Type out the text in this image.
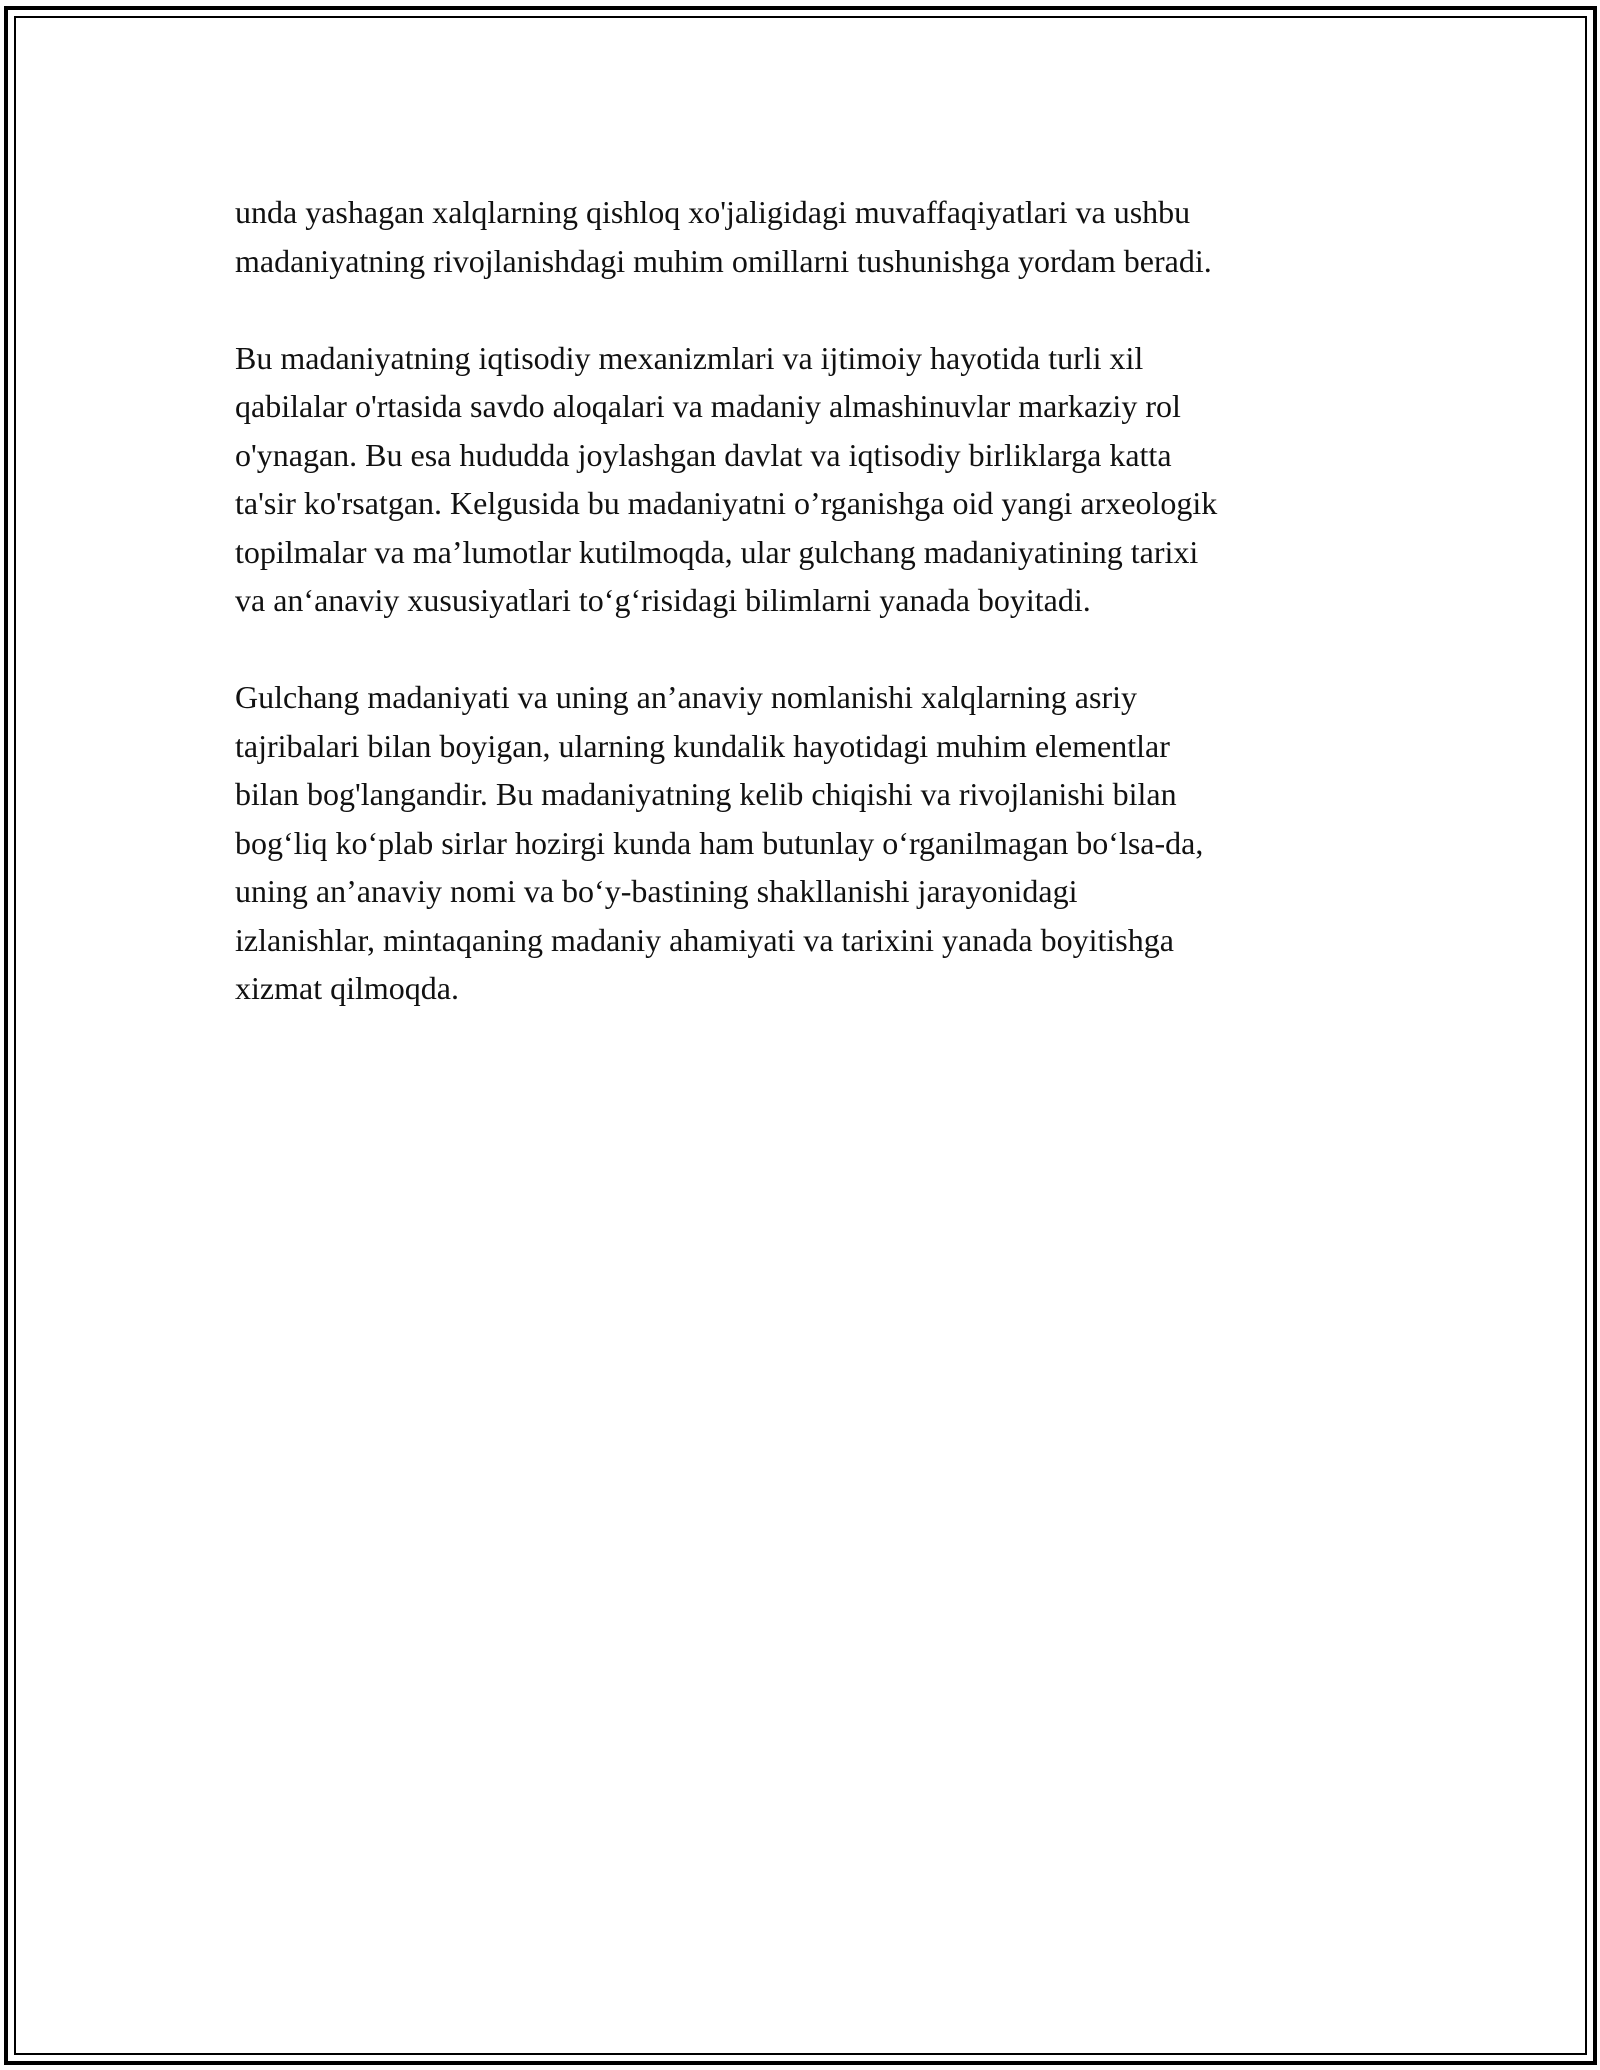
unda yashagan xalqlarning qishloq xo'jaligidagi muvaffaqiyatlari va ushbu
madaniyatning rivojlanishdagi muhim omillarni tushunishga yordam beradi.

Bu madaniyatning iqtisodiy mexanizmlari va ijtimoiy hayotida turli xil
qabilalar o'rtasida savdo aloqalari va madaniy almashinuvlar markaziy rol
o'ynagan. Bu esa hududda joylashgan davlat va iqtisodiy birliklarga katta
ta'sir ko'rsatgan. Kelgusida bu madaniyatni o’rganishga oid yangi arxeologik
topilmalar va ma’lumotlar kutilmoqda, ular gulchang madaniyatining tarixi
va an‘anaviy xususiyatlari to‘g‘risidagi bilimlarni yanada boyitadi.

Gulchang madaniyati va uning an’anaviy nomlanishi xalqlarning asriy
tajribalari bilan boyigan, ularning kundalik hayotidagi muhim elementlar
bilan bog'langandir. Bu madaniyatning kelib chiqishi va rivojlanishi bilan
bog‘liq ko‘plab sirlar hozirgi kunda ham butunlay o‘rganilmagan bo‘lsa-da,
uning an’anaviy nomi va bo‘y-bastining shakllanishi jarayonidagi
izlanishlar, mintaqaning madaniy ahamiyati va tarixini yanada boyitishga
xizmat qilmoqda.
